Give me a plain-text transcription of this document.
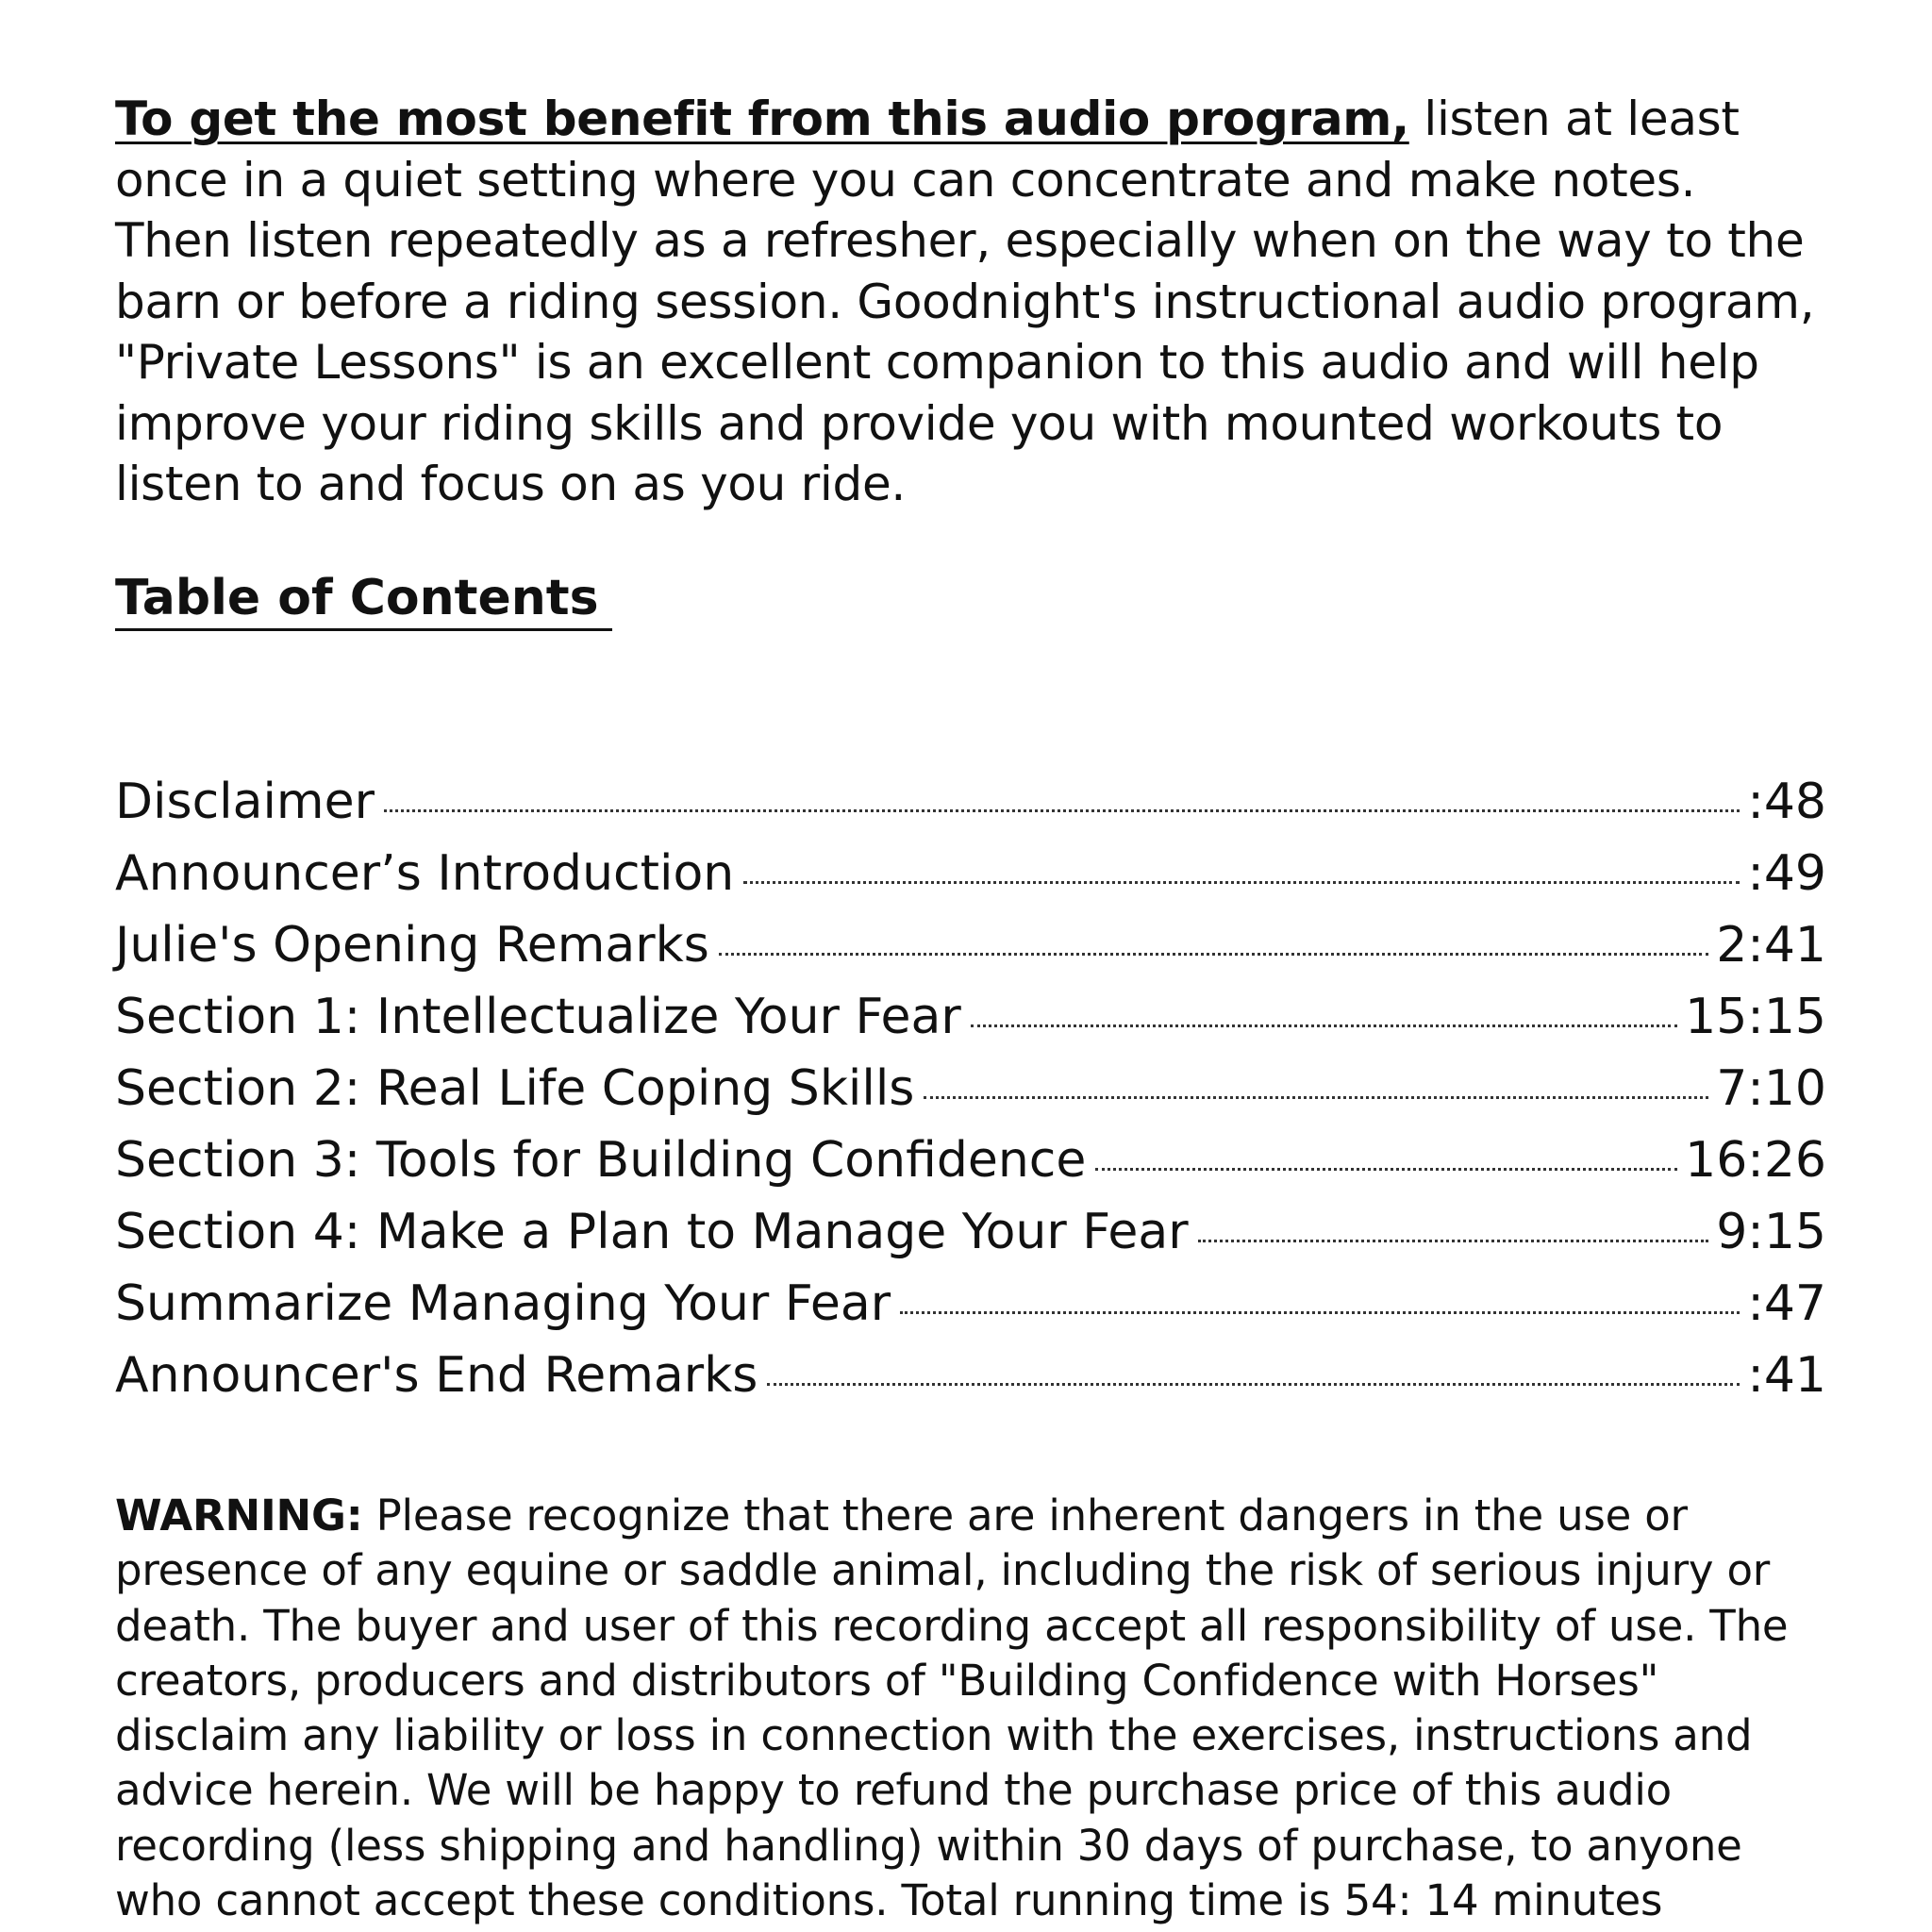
To get the most benefit from this audio program, listen at least once in a quiet setting where you can concentrate and make notes. Then listen repeatedly as a refresher, especially when on the way to the barn or before a riding session. Goodnight's instructional audio program, "Private Lessons" is an excellent companion to this audio and will help improve your riding skills and provide you with mounted workouts to listen to and focus on as you ride.

Table of Contents
Disclaimer	:48
Announcer’s Introduction	:49
Julie's Opening Remarks	2:41
Section 1: Intellectualize Your Fear	15:15
Section 2: Real Life Coping Skills	7:10
Section 3: Tools for Building Confidence	16:26
Section 4: Make a Plan to Manage Your Fear	9:15
Summarize Managing Your Fear	:47
Announcer's End Remarks	:41

WARNING: Please recognize that there are inherent dangers in the use or presence of any equine or saddle animal, including the risk of serious injury or death. The buyer and user of this recording accept all responsibility of use. The creators, producers and distributors of "Building Confidence with Horses" disclaim any liability or loss in connection with the exercises, instructions and advice herein. We will be happy to refund the purchase price of this audio recording (less shipping and handling) within 30 days of purchase, to anyone who cannot accept these conditions. Total running time is 54: 14 minutes
